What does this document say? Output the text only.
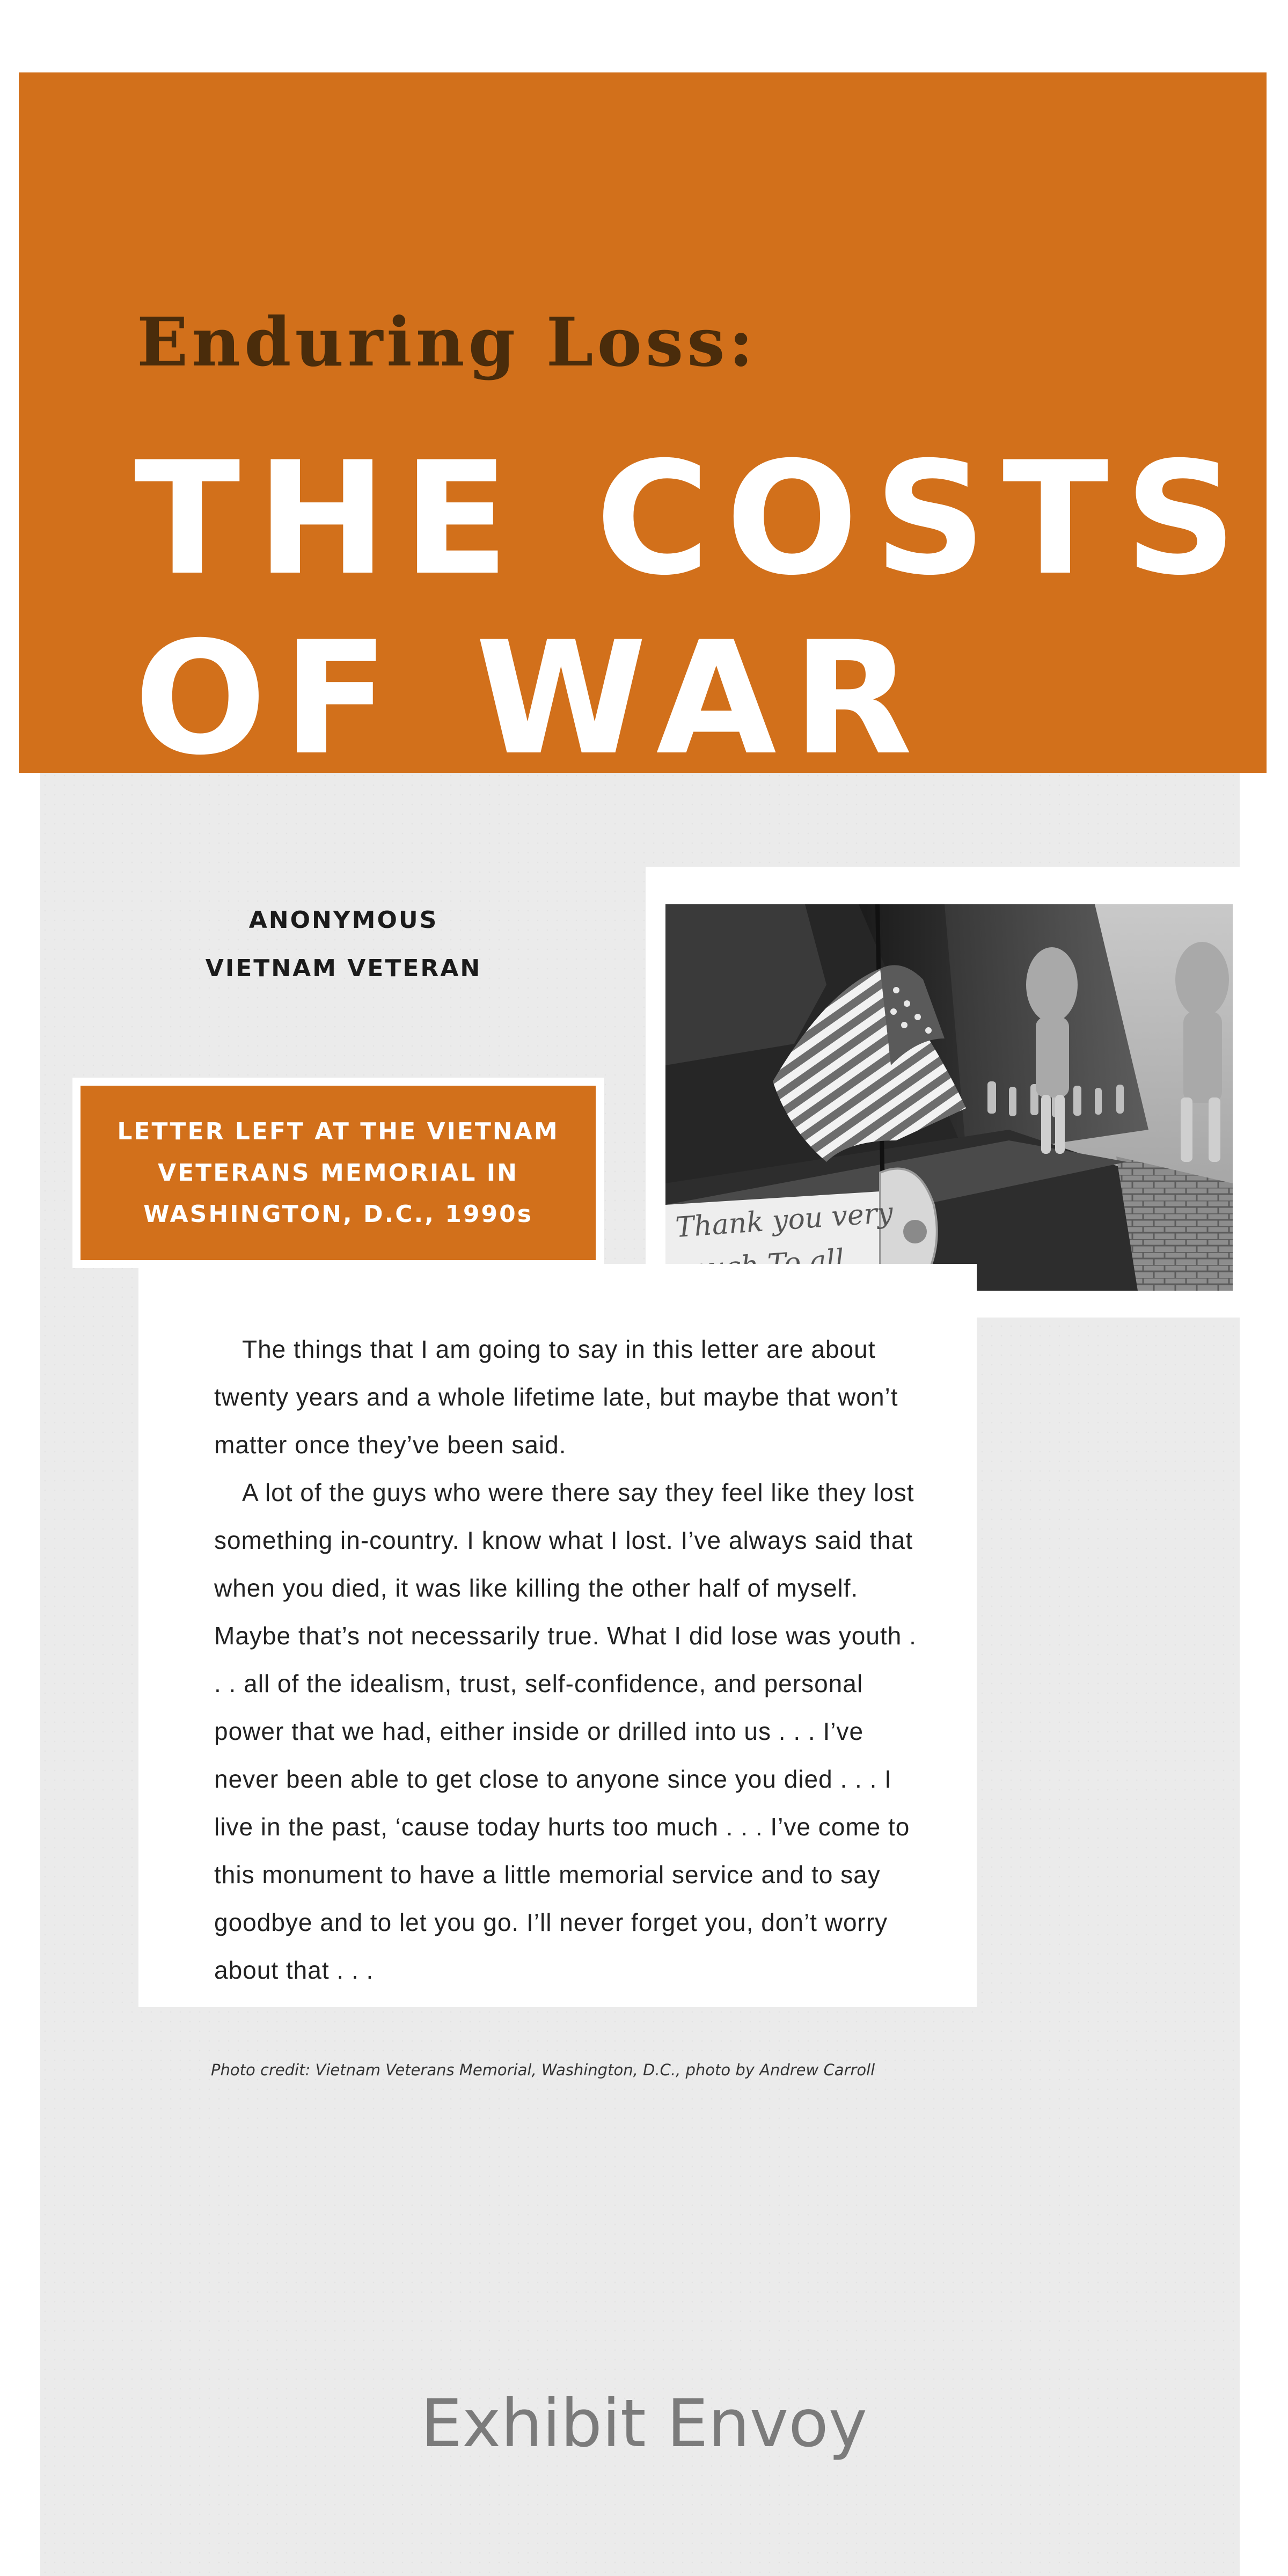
Enduring Loss:
THE COSTS OF WAR
ANONYMOUS
VIETNAM VETERAN
LETTER LEFT AT THE VIETNAM VETERANS MEMORIAL IN WASHINGTON, D.C., 1990s	Thank you very

The things that I am going to say in this letter are about twenty years and a whole lifetime late, but maybe that won’t matter once they’ve been said.

A lot of the guys who were there say they feel like they lost something in-country. I know what I lost. I’ve always said that when you died, it was like killing the other half of myself. Maybe that’s not necessarily true. What I did lose was youth . . . all of the idealism, trust, self-confidence, and personal power that we had, either inside or drilled into us . . . I’ve never been able to get close to anyone since you died . . . I live in the past, ‘cause today hurts too much . . . I’ve come to this monument to have a little memorial service and to say goodbye and to let you go. I’ll never forget you, don’t worry about that . . .

Photo credit: Vietnam Veterans Memorial, Washington, D.C., photo by Andrew Carroll
Exhibit Envoy
